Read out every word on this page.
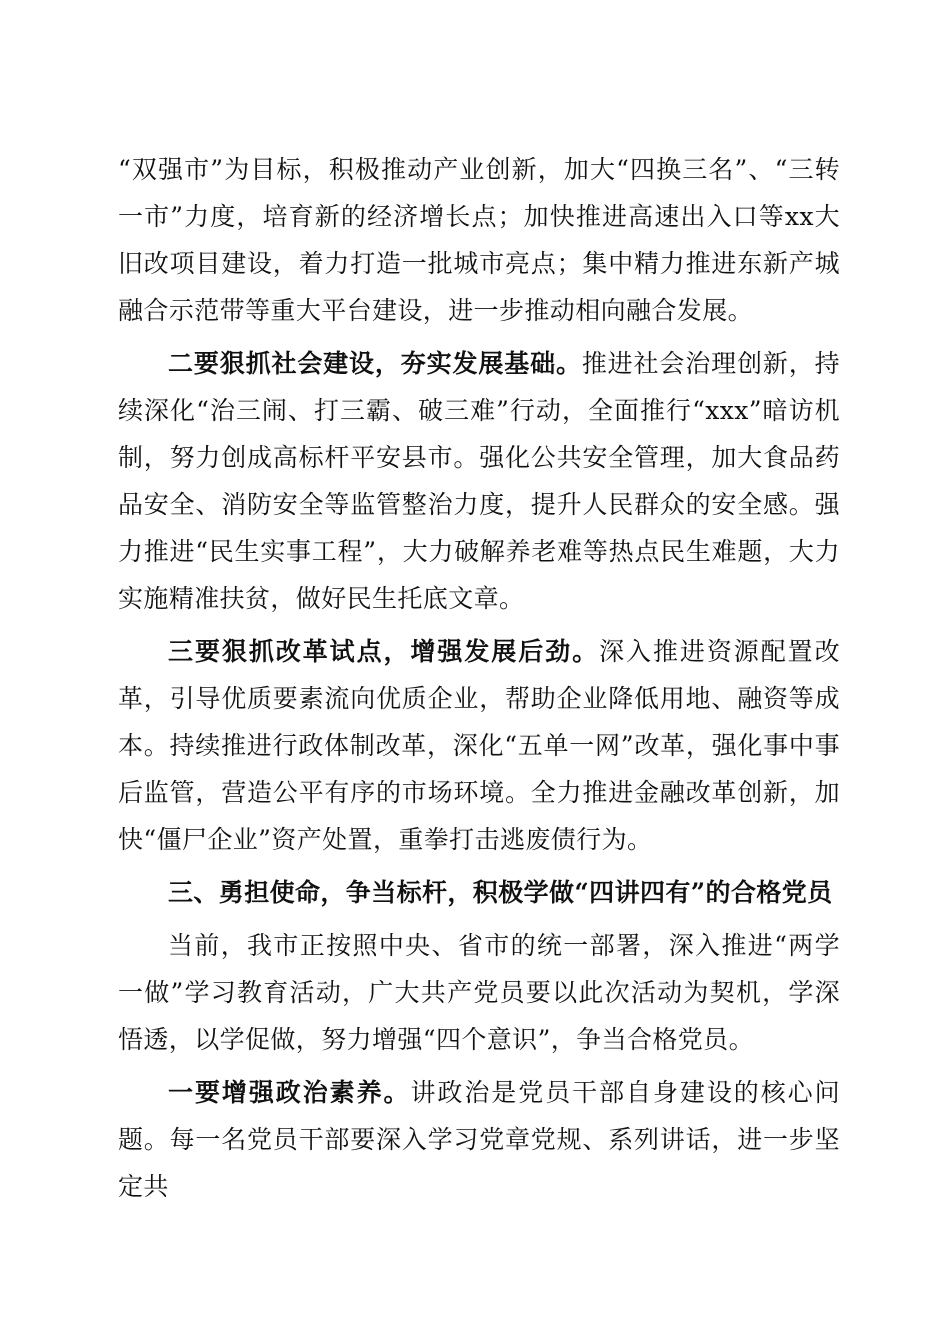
“双强市”为目标，积极推动产业创新，加大“四换三名”、“三转一市”力度，培育新的经济增长点；加快推进高速出入口等xx大旧改项目建设，着力打造一批城市亮点；集中精力推进东新产城融合示范带等重大平台建设，进一步推动相向融合发展。

二要狠抓社会建设，夯实发展基础。推进社会治理创新，持续深化“治三闹、打三霸、破三难”行动，全面推行“xxx”暗访机制，努力创成高标杆平安县市。强化公共安全管理，加大食品药品安全、消防安全等监管整治力度，提升人民群众的安全感。强力推进“民生实事工程”，大力破解养老难等热点民生难题，大力实施精准扶贫，做好民生托底文章。

三要狠抓改革试点，增强发展后劲。深入推进资源配置改革，引导优质要素流向优质企业，帮助企业降低用地、融资等成本。持续推进行政体制改革，深化“五单一网”改革，强化事中事后监管，营造公平有序的市场环境。全力推进金融改革创新，加快“僵尸企业”资产处置，重拳打击逃废债行为。

三、勇担使命，争当标杆，积极学做“四讲四有”的合格党员

当前，我市正按照中央、省市的统一部署，深入推进“两学一做”学习教育活动，广大共产党员要以此次活动为契机，学深悟透，以学促做，努力增强“四个意识”，争当合格党员。

一要增强政治素养。讲政治是党员干部自身建设的核心问题。每一名党员干部要深入学习党章党规、系列讲话，进一步坚定共
